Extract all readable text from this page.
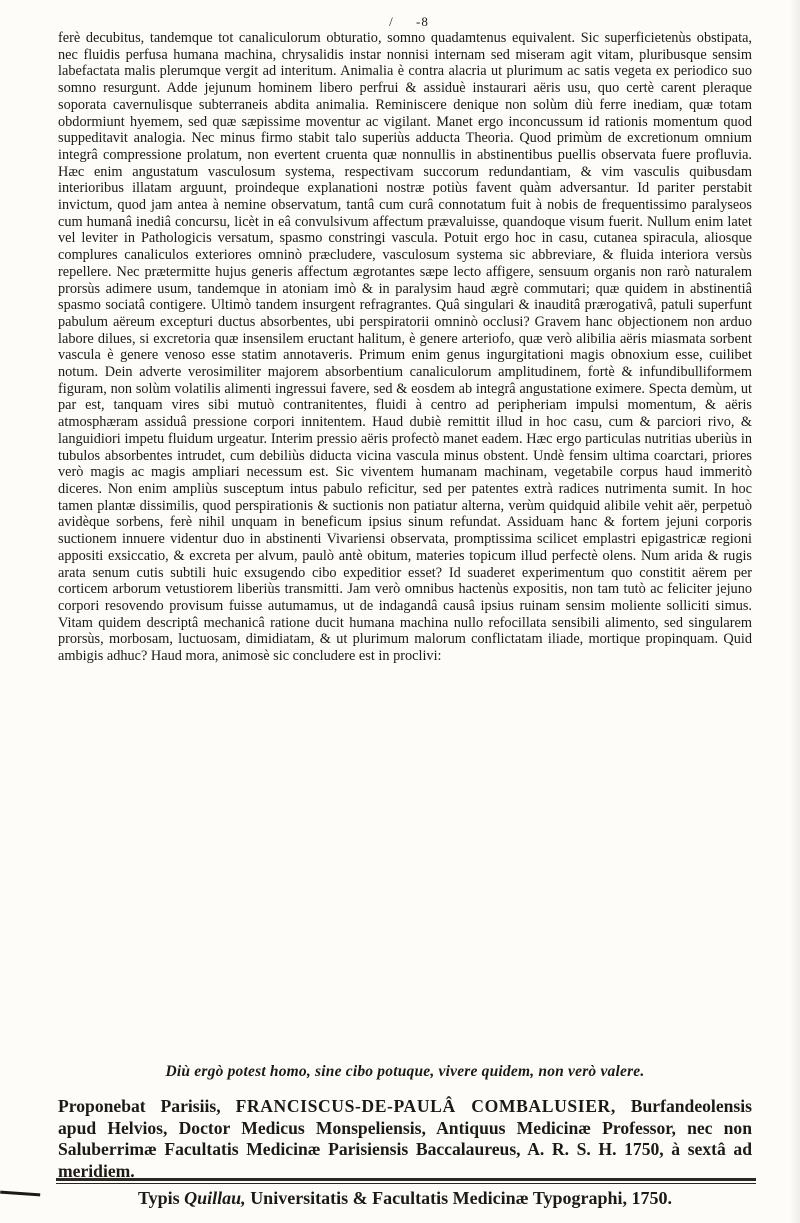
/ -8

ferè decubitus, tandemque tot canaliculorum obturatio, somno quadamtenus equivalent. Sic superficietenùs obstipata, nec fluidis perfusa humana machina, chrysalidis instar nonnisi internam sed miseram agit vitam, pluribusque sensim labefactata malis plerumque vergit ad interitum. Animalia è contra alacria ut plurimum ac satis vegeta ex periodico suo somno resurgunt. Adde jejunum hominem libero perfrui & assiduè instaurari aëris usu, quo certè carent pleraque soporata cavernulisque subterraneis abdita animalia. Reminiscere denique non solùm diù ferre inediam, quæ totam obdormiunt hyemem, sed quæ sæpissime moventur ac vigilant. Manet ergo inconcussum id rationis momentum quod suppeditavit analogia. Nec minus firmo stabit talo superiùs adducta Theoria. Quod primùm de excretionum omnium integrâ compressione prolatum, non evertent cruenta quæ nonnullis in abstinentibus puellis observata fuere profluvia. Hæc enim angustatum vasculosum systema, respectivam succorum redundantiam, & vim vasculis quibusdam interioribus illatam arguunt, proindeque explanationi nostræ potiùs favent quàm adversantur. Id pariter perstabit invictum, quod jam antea à nemine observatum, tantâ cum curâ connotatum fuit à nobis de frequentissimo paralyseos cum humanâ inediâ concursu, licèt in eâ convulsivum affectum prævaluisse, quandoque visum fuerit. Nullum enim latet vel leviter in Pathologicis versatum, spasmo constringi vascula. Potuit ergo hoc in casu, cutanea spiracula, aliosque complures canaliculos exteriores omninò præcludere, vasculosum systema sic abbreviare, & fluida interiora versùs repellere. Nec prætermitte hujus generis affectum ægrotantes sæpe lecto affigere, sensuum organis non rarò naturalem prorsùs adimere usum, tandemque in atoniam imò & in paralysim haud ægrè commutari; quæ quidem in abstinentiâ spasmo sociatâ contigere. Ultimò tandem insurgent refragrantes. Quâ singulari & inauditâ prærogativâ, patuli superfunt pabulum aëreum excepturi ductus absorbentes, ubi perspiratorii omninò occlusi? Gravem hanc objectionem non arduo labore dilues, si excretoria quæ insensilem eructant halitum, è genere arteriofo, quæ verò alibilia aëris miasmata sorbent vascula è genere venoso esse statim annotaveris. Primum enim genus ingurgitationi magis obnoxium esse, cuilibet notum. Dein adverte verosimiliter majorem absorbentium canaliculorum amplitudinem, fortè & infundibulliformem figuram, non solùm volatilis alimenti ingressui favere, sed & eosdem ab integrâ angustatione eximere. Specta demùm, ut par est, tanquam vires sibi mutuò contranitentes, fluidi à centro ad peripheriam impulsi momentum, & aëris atmosphæram assiduâ pressione corpori innitentem. Haud dubiè remittit illud in hoc casu, cum & parciori rivo, & languidiori impetu fluidum urgeatur. Interim pressio aëris profectò manet eadem. Hæc ergo particulas nutritias uberiùs in tubulos absorbentes intrudet, cum debiliùs diducta vicina vascula minus obstent. Undè fensim ultima coarctari, priores verò magis ac magis ampliari necessum est. Sic viventem humanam machinam, vegetabile corpus haud immeritò diceres. Non enim ampliùs susceptum intus pabulo reficitur, sed per patentes extrà radices nutrimenta sumit. In hoc tamen plantæ dissimilis, quod perspirationis & suctionis non patiatur alterna, verùm quidquid alibile vehit aër, perpetuò avidèque sorbens, ferè nihil unquam in beneficum ipsius sinum refundat. Assiduam hanc & fortem jejuni corporis suctionem innuere videntur duo in abstinenti Vivariensi observata, promptissima scilicet emplastri epigastricæ regioni appositi exsiccatio, & excreta per alvum, paulò antè obitum, materies topicum illud perfectè olens. Num arida & rugis arata senum cutis subtili huic exsugendo cibo expeditior esset? Id suaderet experimentum quo constitit aërem per corticem arborum vetustiorem liberiùs transmitti. Jam verò omnibus hactenùs expositis, non tam tutò ac feliciter jejuno corpori resovendo provisum fuisse autumamus, ut de indagandâ causâ ipsius ruinam sensim moliente solliciti simus. Vitam quidem descriptâ mechanicâ ratione ducit humana machina nullo refocillata sensibili alimento, sed singularem prorsùs, morbosam, luctuosam, dimidiatam, & ut plurimum malorum conflictatam iliade, mortique propinquam. Quid ambigis adhuc? Haud mora, animosè sic concludere est in proclivi:

Diù ergò potest homo, sine cibo potuque, vivere quidem, non verò valere.
Proponebat Parisiis, FRANCISCUS-DE-PAULÂ COMBALUSIER, Burfandeolensis apud Helvios, Doctor Medicus Monspeliensis, Antiquus Medicinæ Professor, nec non Saluberrimæ Facultatis Medicinæ Parisiensis Baccalaureus, A. R. S. H. 1750, à sextâ ad meridiem.
Typis Quillau, Universitatis & Facultatis Medicinæ Typographi, 1750.
